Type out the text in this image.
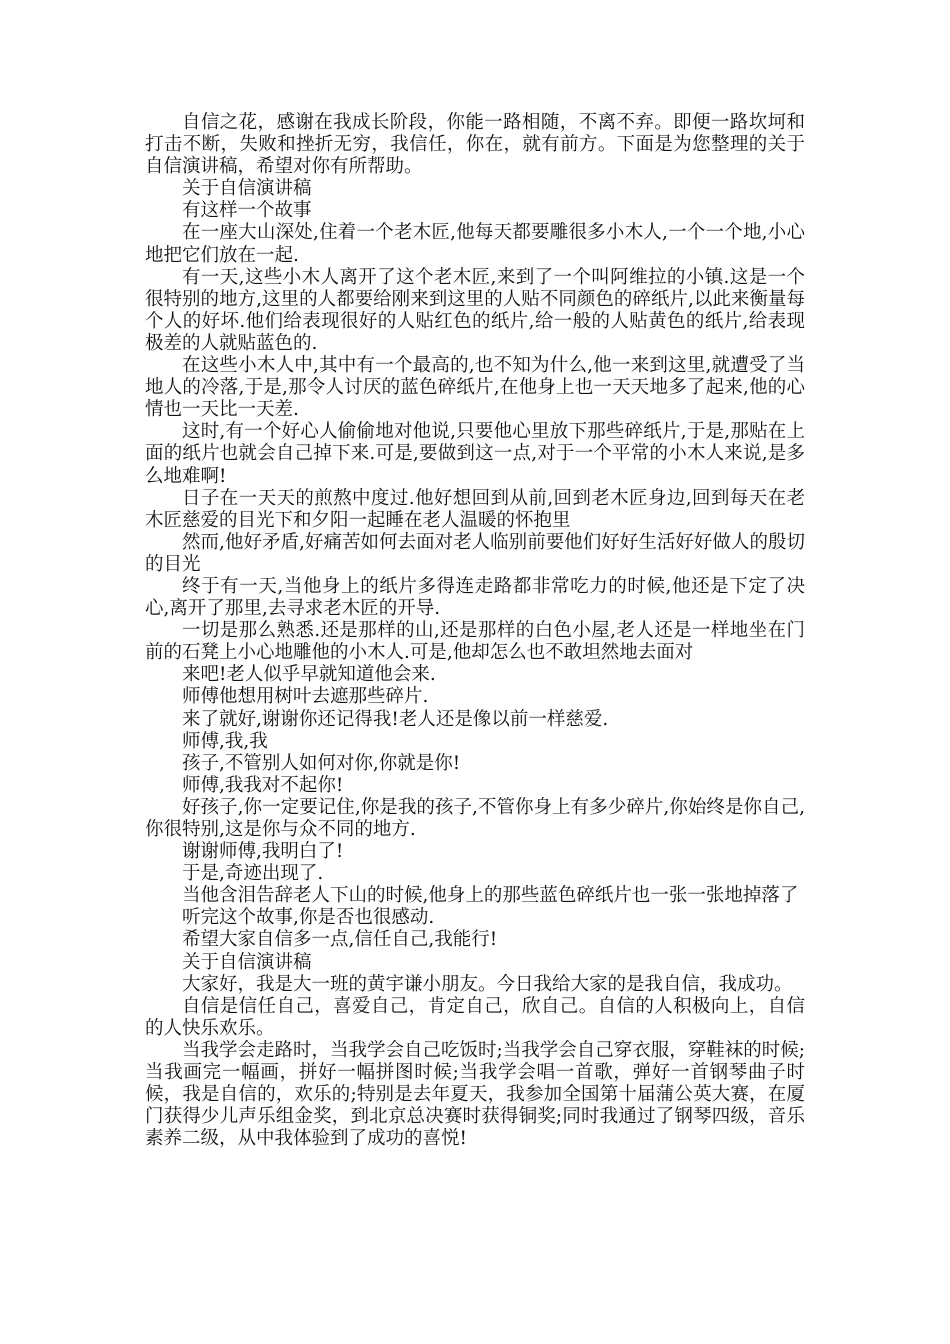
自信之花，感谢在我成长阶段，你能一路相随，不离不弃。即便一路坎坷和打击不断，失败和挫折无穷，我信任，你在，就有前方。下面是为您整理的关于自信演讲稿，希望对你有所帮助。

关于自信演讲稿

有这样一个故事

在一座大山深处,住着一个老木匠,他每天都要雕很多小木人,一个一个地,小心地把它们放在一起.

有一天,这些小木人离开了这个老木匠,来到了一个叫阿维拉的小镇.这是一个很特别的地方,这里的人都要给刚来到这里的人贴不同颜色的碎纸片,以此来衡量每个人的好坏.他们给表现很好的人贴红色的纸片,给一般的人贴黄色的纸片,给表现极差的人就贴蓝色的.

在这些小木人中,其中有一个最高的,也不知为什么,他一来到这里,就遭受了当地人的冷落,于是,那令人讨厌的蓝色碎纸片,在他身上也一天天地多了起来,他的心情也一天比一天差.

这时,有一个好心人偷偷地对他说,只要他心里放下那些碎纸片,于是,那贴在上面的纸片也就会自己掉下来.可是,要做到这一点,对于一个平常的小木人来说,是多么地难啊!

日子在一天天的煎熬中度过.他好想回到从前,回到老木匠身边,回到每天在老木匠慈爱的目光下和夕阳一起睡在老人温暖的怀抱里

然而,他好矛盾,好痛苦如何去面对老人临别前要他们好好生活好好做人的殷切的目光

终于有一天,当他身上的纸片多得连走路都非常吃力的时候,他还是下定了决心,离开了那里,去寻求老木匠的开导.

一切是那么熟悉.还是那样的山,还是那样的白色小屋,老人还是一样地坐在门前的石凳上小心地雕他的小木人.可是,他却怎么也不敢坦然地去面对

来吧!老人似乎早就知道他会来.

师傅他想用树叶去遮那些碎片.

来了就好,谢谢你还记得我!老人还是像以前一样慈爱.

师傅,我,我

孩子,不管别人如何对你,你就是你!

师傅,我我对不起你!

好孩子,你一定要记住,你是我的孩子,不管你身上有多少碎片,你始终是你自己,你很特别,这是你与众不同的地方.

谢谢师傅,我明白了!

于是,奇迹出现了.

当他含泪告辞老人下山的时候,他身上的那些蓝色碎纸片也一张一张地掉落了

听完这个故事,你是否也很感动.

希望大家自信多一点,信任自己,我能行!

关于自信演讲稿

大家好，我是大一班的黄宇谦小朋友。今日我给大家的是我自信，我成功。

自信是信任自己，喜爱自己，肯定自己，欣自己。自信的人积极向上，自信的人快乐欢乐。

当我学会走路时，当我学会自己吃饭时;当我学会自己穿衣服，穿鞋袜的时候;当我画完一幅画，拼好一幅拼图时候;当我学会唱一首歌，弹好一首钢琴曲子时候，我是自信的，欢乐的;特别是去年夏天，我参加全国第十届蒲公英大赛，在厦门获得少儿声乐组金奖，到北京总决赛时获得铜奖;同时我通过了钢琴四级，音乐素养二级，从中我体验到了成功的喜悦!
